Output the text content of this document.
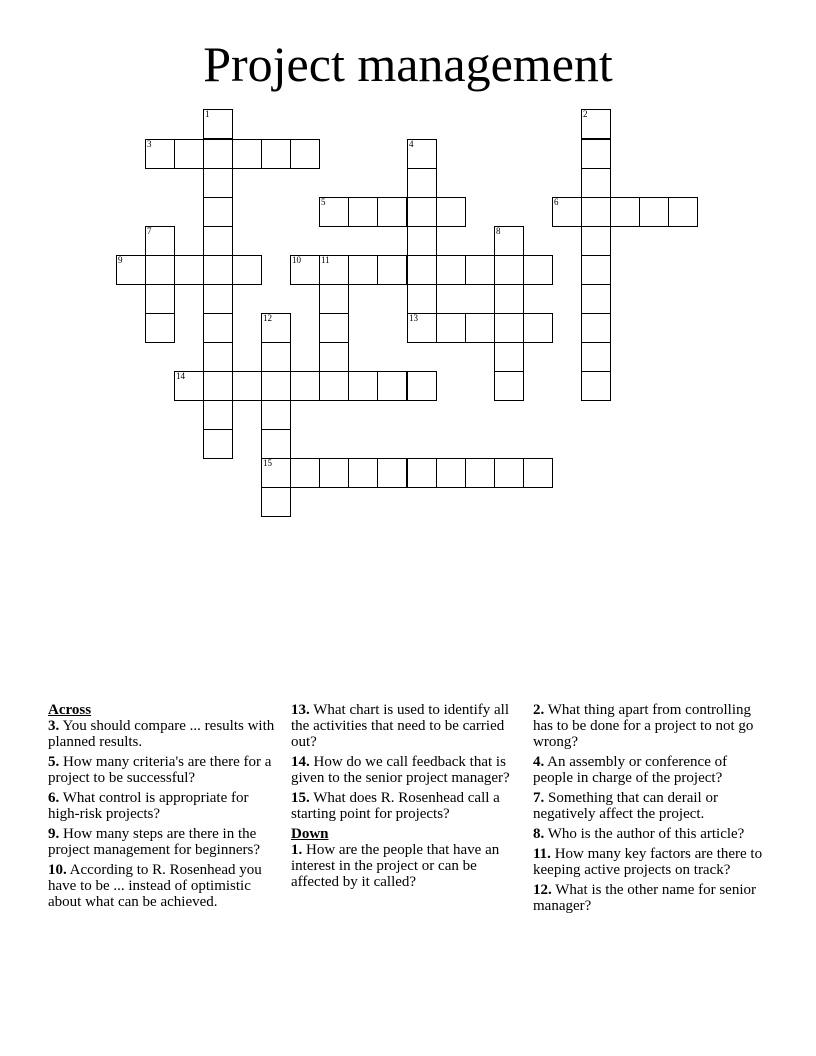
Project management
1	2
3	4
5	6
7	8
9	10 11
12	13
14
15
Across
3. You should compare ... results with planned results.
5. How many criteria's are there for a project to be successful?
6. What control is appropriate for high-risk projects?
9. How many steps are there in the project management for beginners?
10. According to R. Rosenhead you have to be ... instead of optimistic about what can be achieved.
13. What chart is used to identify all the activities that need to be carried out?
14. How do we call feedback that is given to the senior project manager?
15. What does R. Rosenhead call a starting point for projects?
Down
1. How are the people that have an interest in the project or can be affected by it called?
2. What thing apart from controlling has to be done for a project to not go wrong?
4. An assembly or conference of people in charge of the project?
7. Something that can derail or negatively affect the project.
8. Who is the author of this article?
11. How many key factors are there to keeping active projects on track?
12. What is the other name for senior manager?
